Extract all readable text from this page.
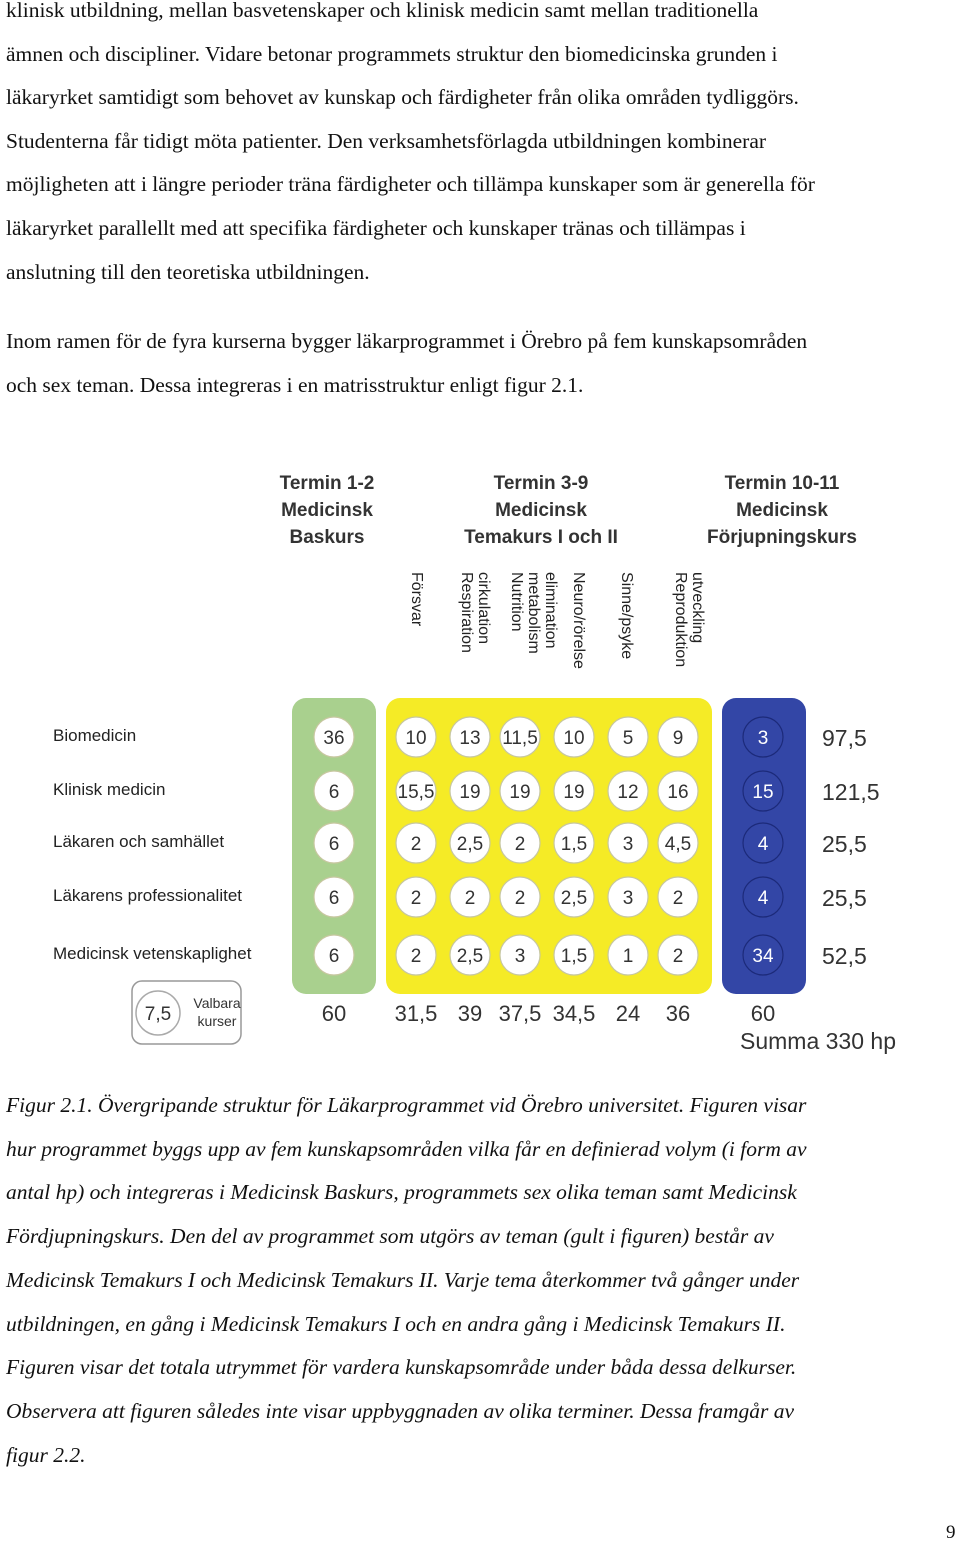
klinisk utbildning, mellan basvetenskaper och klinisk medicin samt mellan traditionella
ämnen och discipliner. Vidare betonar programmets struktur den biomedicinska grunden i
läkaryrket samtidigt som behovet av kunskap och färdigheter från olika områden tydliggörs.
Studenterna får tidigt möta patienter. Den verksamhetsförlagda utbildningen kombinerar
möjligheten att i längre perioder träna färdigheter och tillämpa kunskaper som är generella för
läkaryrket parallellt med att specifika färdigheter och kunskaper tränas och tillämpas i
anslutning till den teoretiska utbildningen.

Inom ramen för de fyra kurserna bygger läkarprogrammet i Örebro på fem kunskapsområden
och sex teman. Dessa integreras i en matrisstruktur enligt figur 2.1.

Termin 1-2
Medicinsk
Baskurs
Termin 3-9
Medicinsk
Temakurs I och II
Termin 10-11
Medicinsk
Förjupningskurs
Försvar Respiration cirkulation Nutrition metabolism elimination Neuro/rörelse Sinne/psyke Reproduktion utveckling
Biomedicin
Klinisk medicin
Läkaren och samhället
Läkarens professionalitet
Medicinsk vetenskaplighet
36
6
6
6
6
10 13 11,5 10 5 9
15,5 19 19 19 12 16
2 2,5 2 1,5 3 4,5
2 2 2 2,5 3 2
2 2,5 3 1,5 1 2
3
15
4
4
34
97,5
121,5
25,5
25,5
52,5
60 31,5 39 37,5 34,5 24 36	60
Summa 330 hp
7,5
Valbara
kurser

Figur 2.1. Övergripande struktur för Läkarprogrammet vid Örebro universitet. Figuren visar
hur programmet byggs upp av fem kunskapsområden vilka får en definierad volym (i form av
antal hp) och integreras i Medicinsk Baskurs, programmets sex olika teman samt Medicinsk
Fördjupningskurs. Den del av programmet som utgörs av teman (gult i figuren) består av
Medicinsk Temakurs I och Medicinsk Temakurs II. Varje tema återkommer två gånger under
utbildningen, en gång i Medicinsk Temakurs I och en andra gång i Medicinsk Temakurs II.
Figuren visar det totala utrymmet för vardera kunskapsområde under båda dessa delkurser.
Observera att figuren således inte visar uppbyggnaden av olika terminer. Dessa framgår av
figur 2.2.

9
